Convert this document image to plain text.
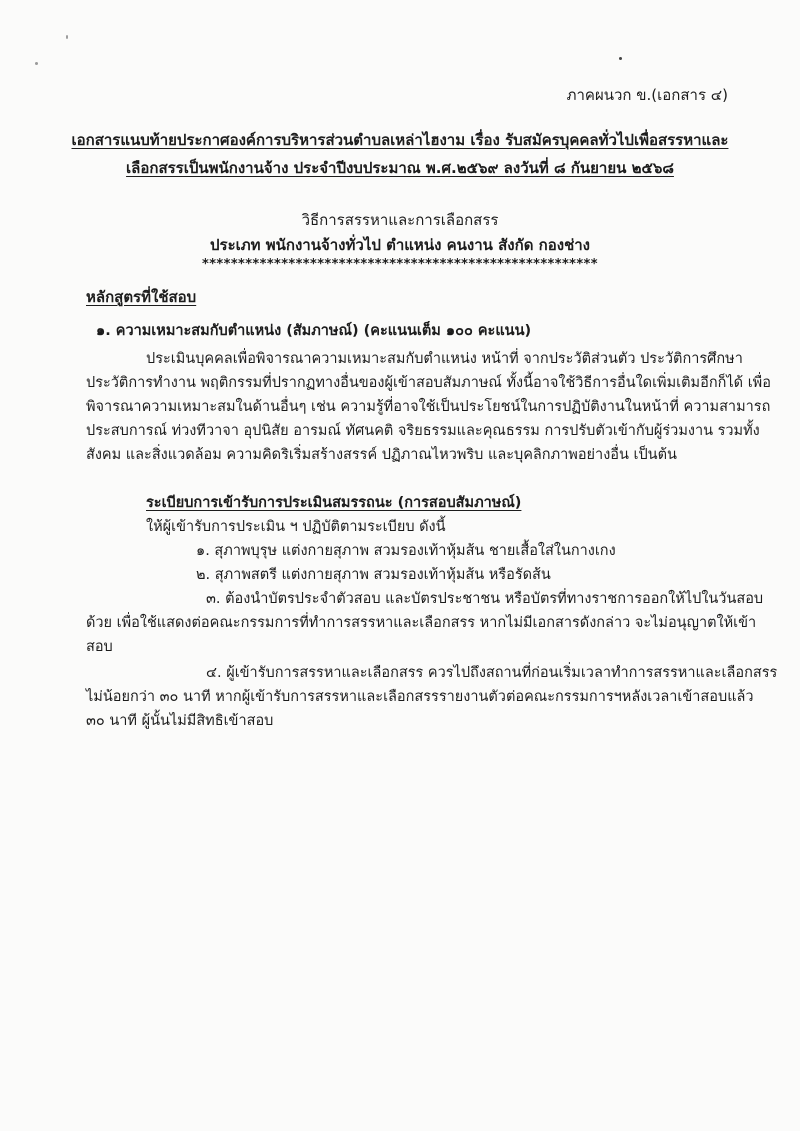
ภาคผนวก ข.(เอกสาร ๔)
เอกสารแนบท้ายประกาศองค์การบริหารส่วนตำบลเหล่าไฮงาม เรื่อง รับสมัครบุคคลทั่วไปเพื่อสรรหาและ
เลือกสรรเป็นพนักงานจ้าง ประจำปีงบประมาณ พ.ศ.๒๕๖๙ ลงวันที่ ๘ กันยายน ๒๕๖๘
วิธีการสรรหาและการเลือกสรร
ประเภท พนักงานจ้างทั่วไป ตำแหน่ง คนงาน สังกัด กองช่าง
*******************************************************
หลักสูตรที่ใช้สอบ
๑. ความเหมาะสมกับตำแหน่ง (สัมภาษณ์) (คะแนนเต็ม ๑๐๐ คะแนน)
ประเมินบุคคลเพื่อพิจารณาความเหมาะสมกับตำแหน่ง หน้าที่ จากประวัติส่วนตัว ประวัติการศึกษา
ประวัติการทำงาน พฤติกรรมที่ปรากฏทางอื่นของผู้เข้าสอบสัมภาษณ์ ทั้งนี้อาจใช้วิธีการอื่นใดเพิ่มเติมอีกก็ได้ เพื่อ
พิจารณาความเหมาะสมในด้านอื่นๆ เช่น ความรู้ที่อาจใช้เป็นประโยชน์ในการปฏิบัติงานในหน้าที่ ความสามารถ
ประสบการณ์ ท่วงทีวาจา อุปนิสัย อารมณ์ ทัศนคติ จริยธรรมและคุณธรรม การปรับตัวเข้ากับผู้ร่วมงาน รวมทั้ง
สังคม และสิ่งแวดล้อม ความคิดริเริ่มสร้างสรรค์ ปฏิภาณไหวพริบ และบุคลิกภาพอย่างอื่น เป็นต้น
ระเบียบการเข้ารับการประเมินสมรรถนะ (การสอบสัมภาษณ์)
ให้ผู้เข้ารับการประเมิน ฯ ปฏิบัติตามระเบียบ ดังนี้
๑. สุภาพบุรุษ แต่งกายสุภาพ สวมรองเท้าหุ้มส้น ชายเสื้อใส่ในกางเกง
๒. สุภาพสตรี แต่งกายสุภาพ สวมรองเท้าหุ้มส้น หรือรัดส้น
๓. ต้องนำบัตรประจำตัวสอบ และบัตรประชาชน หรือบัตรที่ทางราชการออกให้ไปในวันสอบ
ด้วย เพื่อใช้แสดงต่อคณะกรรมการที่ทำการสรรหาและเลือกสรร หากไม่มีเอกสารดังกล่าว จะไม่อนุญาตให้เข้า
สอบ
๔. ผู้เข้ารับการสรรหาและเลือกสรร ควรไปถึงสถานที่ก่อนเริ่มเวลาทำการสรรหาและเลือกสรร
ไม่น้อยกว่า ๓๐ นาที หากผู้เข้ารับการสรรหาและเลือกสรรรายงานตัวต่อคณะกรรมการฯหลังเวลาเข้าสอบแล้ว
๓๐ นาที ผู้นั้นไม่มีสิทธิเข้าสอบ
